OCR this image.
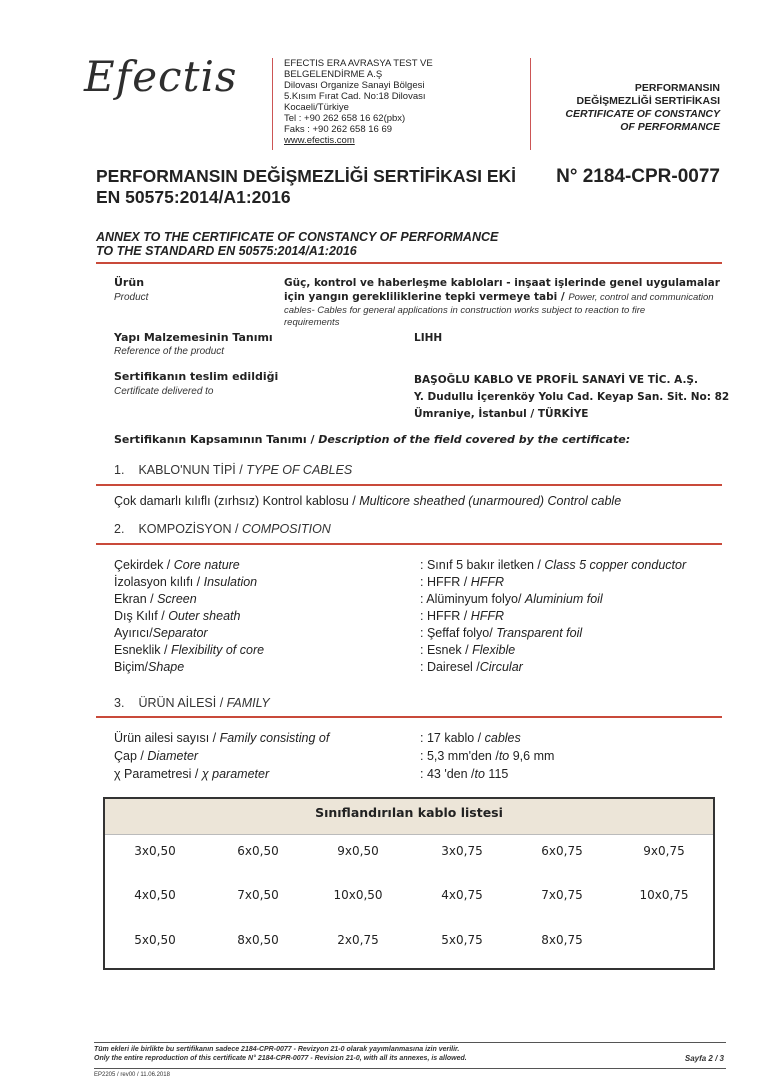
Efectis	EFECTIS ERA AVRASYA TEST VE
BELGELENDİRME A.Ş
Dilovası Organize Sanayi Bölgesi
5.Kısım Fırat Cad. No:18 Dilovası
Kocaeli/Türkiye
Tel : +90 262 658 16 62(pbx)
Faks : +90 262 658 16 69
www.efectis.com
PERFORMANSIN
DEĞİŞMEZLİĞİ SERTİFİKASI
CERTIFICATE OF CONSTANCY
OF PERFORMANCE
PERFORMANSIN DEĞİŞMEZLİĞİ SERTİFİKASI EKİ
EN 50575:2014/A1:2016
N° 2184-CPR-0077
ANNEX TO THE CERTIFICATE OF CONSTANCY OF PERFORMANCE
TO THE STANDARD EN 50575:2014/A1:2016
Ürün
Product
Güç, kontrol ve haberleşme kabloları - inşaat işlerinde genel uygulamalar
için yangın gerekliliklerine tepki vermeye tabi / Power, control and communication
cables- Cables for general applications in construction works subject to reaction to fire
requirements
Yapı Malzemesinin Tanımı
Reference of the product
LIHH
Sertifikanın teslim edildiği
Certificate delivered to
BAŞOĞLU KABLO VE PROFİL SANAYİ VE TİC. A.Ş.
Y. Dudullu İçerenköy Yolu Cad. Keyap San. Sit. No: 82
Ümraniye, İstanbul / TÜRKİYE
Sertifikanın Kapsamının Tanımı / Description of the field covered by the certificate:
1. KABLO'NUN TİPİ / TYPE OF CABLES
Çok damarlı kılıflı (zırhsız) Kontrol kablosu / Multicore sheathed (unarmoured) Control cable
2. KOMPOZİSYON / COMPOSITION
Çekirdek / Core nature	: Sınıf 5 bakır iletken / Class 5 copper conductor
İzolasyon kılıfı / Insulation	: HFFR / HFFR
Ekran / Screen	: Alüminyum folyo/ Aluminium foil
Dış Kılıf / Outer sheath	: HFFR / HFFR
Ayırıcı/Separator	: Şeffaf folyo/ Transparent foil
Esneklik / Flexibility of core	: Esnek / Flexible
Biçim/Shape	: Dairesel /Circular
3. ÜRÜN AİLESİ / FAMILY
Ürün ailesi sayısı / Family consisting of	: 17 kablo / cables
Çap / Diameter	: 5,3 mm'den /to 9,6 mm
χ Parametresi / χ parameter	: 43 'den /to 115
Sınıflandırılan kablo listesi
3x0,50	6x0,50	9x0,50	3x0,75	6x0,75	9x0,75
4x0,50	7x0,50	10x0,50	4x0,75	7x0,75	10x0,75
5x0,50	8x0,50	2x0,75	5x0,75	8x0,75
Tüm ekleri ile birlikte bu sertifikanın sadece 2184-CPR-0077 - Revizyon 21-0 olarak yayımlanmasına izin verilir.
Only the entire reproduction of this certificate N° 2184-CPR-0077 - Revision 21-0, with all its annexes, is allowed.	Sayfa 2 / 3
EP2205 / rev00 / 11.06.2018
